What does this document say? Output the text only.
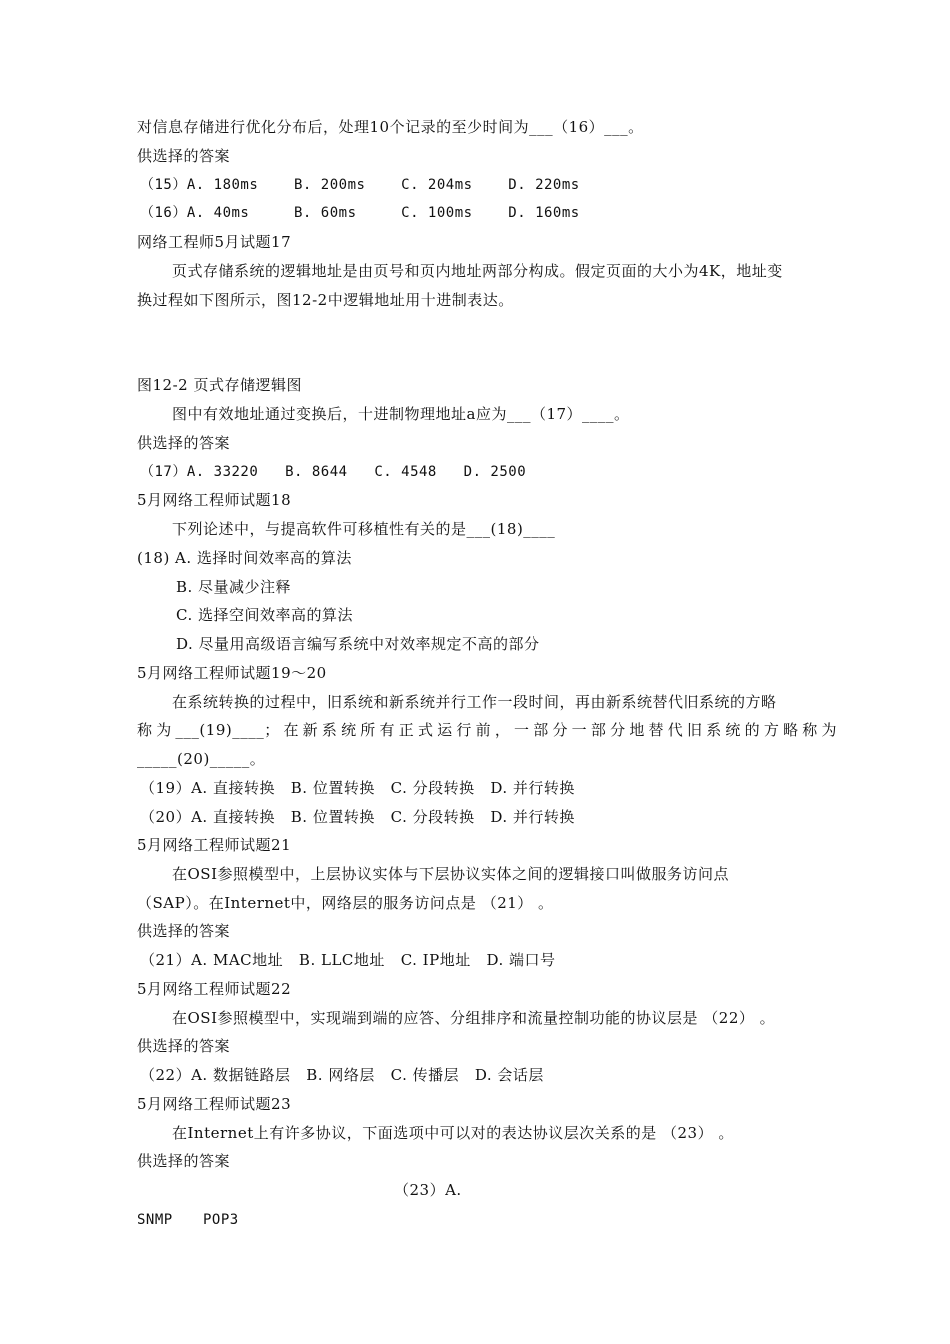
对信息存储进行优化分布后，处理10个记录的至少时间为___（16）___。
供选择的答案
（15）A. 180ms    B. 200ms    C. 204ms    D. 220ms
（16）A. 40ms     B. 60ms     C. 100ms    D. 160ms
网络工程师5月试题17
页式存储系统的逻辑地址是由页号和页内地址两部分构成。假定页面的大小为4K，地址变
换过程如下图所示，图12-2中逻辑地址用十进制表达。
图12-2 页式存储逻辑图
图中有效地址通过变换后，十进制物理地址a应为___（17）____。
供选择的答案
（17）A. 33220   B. 8644   C. 4548   D. 2500
5月网络工程师试题18
下列论述中，与提高软件可移植性有关的是___(18)____
(18) A. 选择时间效率高的算法
B. 尽量减少注释
C. 选择空间效率高的算法
D. 尽量用高级语言编写系统中对效率规定不高的部分
5月网络工程师试题19～20
在系统转换的过程中，旧系统和新系统并行工作一段时间，再由新系统替代旧系统的方略
称为___(19)____；在新系统所有正式运行前，一部分一部分地替代旧系统的方略称为
_____(20)_____。
（19）A. 直接转换   B. 位置转换   C. 分段转换   D. 并行转换
（20）A. 直接转换   B. 位置转换   C. 分段转换   D. 并行转换
5月网络工程师试题21
在OSI参照模型中，上层协议实体与下层协议实体之间的逻辑接口叫做服务访问点
（SAP）。在Internet中，网络层的服务访问点是 （21） 。
供选择的答案
（21）A. MAC地址   B. LLC地址   C. IP地址   D. 端口号
5月网络工程师试题22
在OSI参照模型中，实现端到端的应答、分组排序和流量控制功能的协议层是 （22） 。
供选择的答案
（22）A. 数据链路层   B. 网络层   C. 传播层   D. 会话层
5月网络工程师试题23
在Internet上有许多协议，下面选项中可以对的表达协议层次关系的是 （23） 。
供选择的答案
（23）A.
SNMP POP3
